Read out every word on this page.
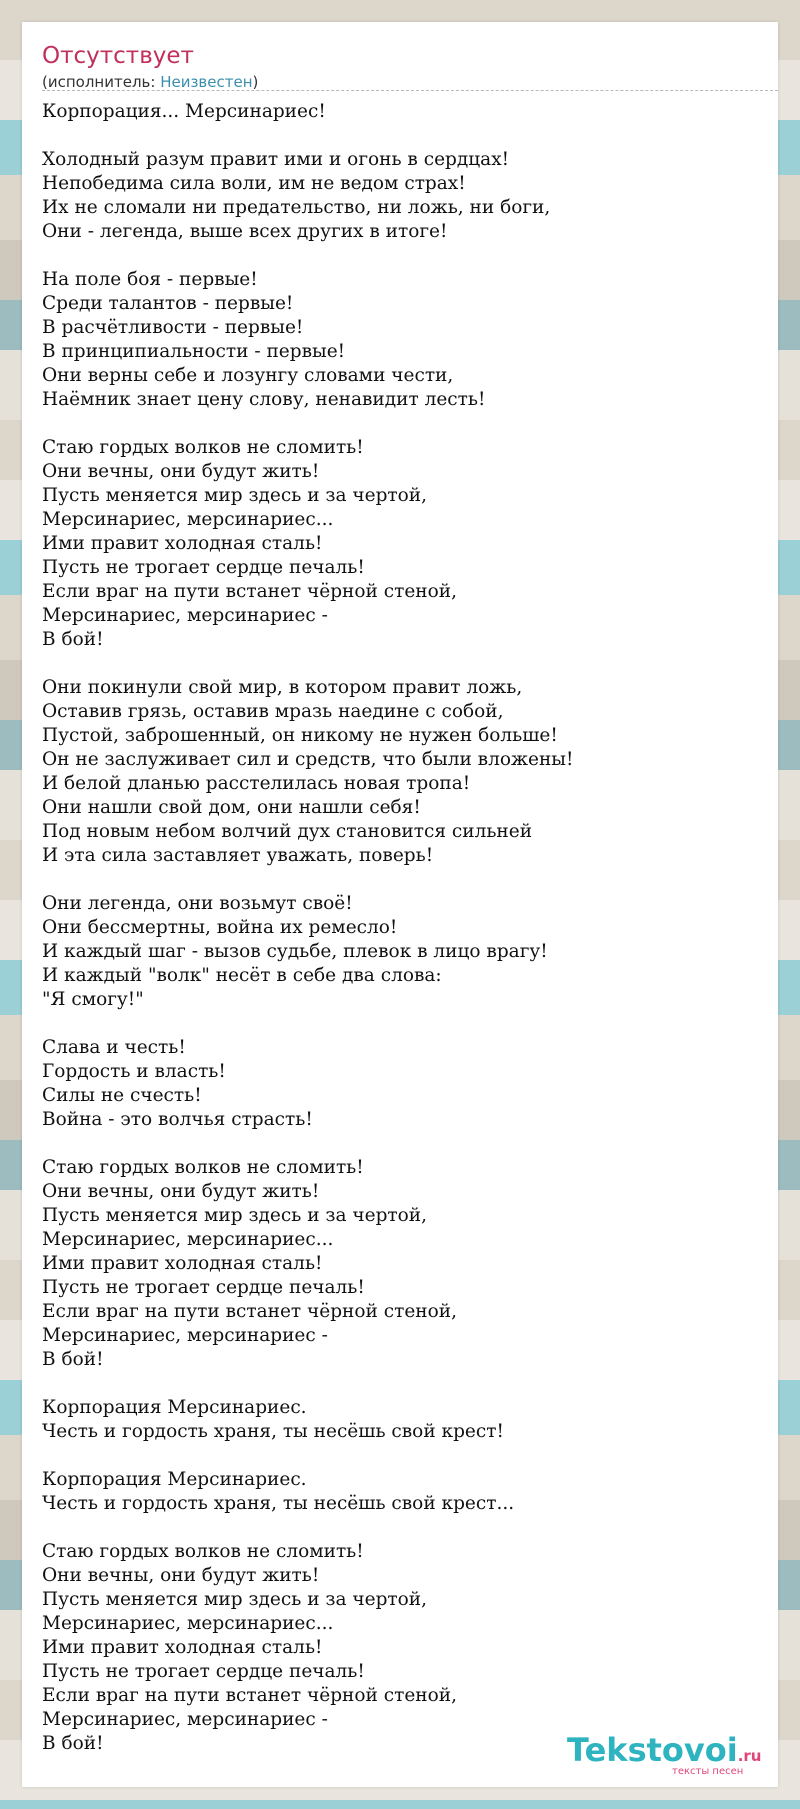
Отсутствует
(исполнитель: Неизвестен)
Корпорация... Мерсинариес!
Холодный разум правит ими и огонь в сердцах!
Непобедима сила воли, им не ведом страх!
Их не сломали ни предательство, ни ложь, ни боги,
Они - легенда, выше всех других в итоге!
На поле боя - первые!
Среди талантов - первые!
В расчётливости - первые!
В принципиальности - первые!
Они верны себе и лозунгу словами чести,
Наёмник знает цену слову, ненавидит лесть!
Стаю гордых волков не сломить!
Они вечны, они будут жить!
Пусть меняется мир здесь и за чертой,
Мерсинариес, мерсинариес...
Ими правит холодная сталь!
Пусть не трогает сердце печаль!
Если враг на пути встанет чёрной стеной,
Мерсинариес, мерсинариес -
В бой!
Они покинули свой мир, в котором правит ложь,
Оставив грязь, оставив мразь наедине с собой,
Пустой, заброшенный, он никому не нужен больше!
Он не заслуживает сил и средств, что были вложены!
И белой дланью расстелилась новая тропа!
Они нашли свой дом, они нашли себя!
Под новым небом волчий дух становится сильней
И эта сила заставляет уважать, поверь!
Они легенда, они возьмут своё!
Они бессмертны, война их ремесло!
И каждый шаг - вызов судьбе, плевок в лицо врагу!
И каждый "волк" несёт в себе два слова:
"Я смогу!"
Слава и честь!
Гордость и власть!
Силы не счесть!
Война - это волчья страсть!
Стаю гордых волков не сломить!
Они вечны, они будут жить!
Пусть меняется мир здесь и за чертой,
Мерсинариес, мерсинариес...
Ими правит холодная сталь!
Пусть не трогает сердце печаль!
Если враг на пути встанет чёрной стеной,
Мерсинариес, мерсинариес -
В бой!
Корпорация Мерсинариес.
Честь и гордость храня, ты несёшь свой крест!
Корпорация Мерсинариес.
Честь и гордость храня, ты несёшь свой крест...
Стаю гордых волков не сломить!
Они вечны, они будут жить!
Пусть меняется мир здесь и за чертой,
Мерсинариес, мерсинариес...
Ими правит холодная сталь!
Пусть не трогает сердце печаль!
Если враг на пути встанет чёрной стеной,
Мерсинариес, мерсинариес -
В бой!	Tekstovoi.ru
тексты песен
